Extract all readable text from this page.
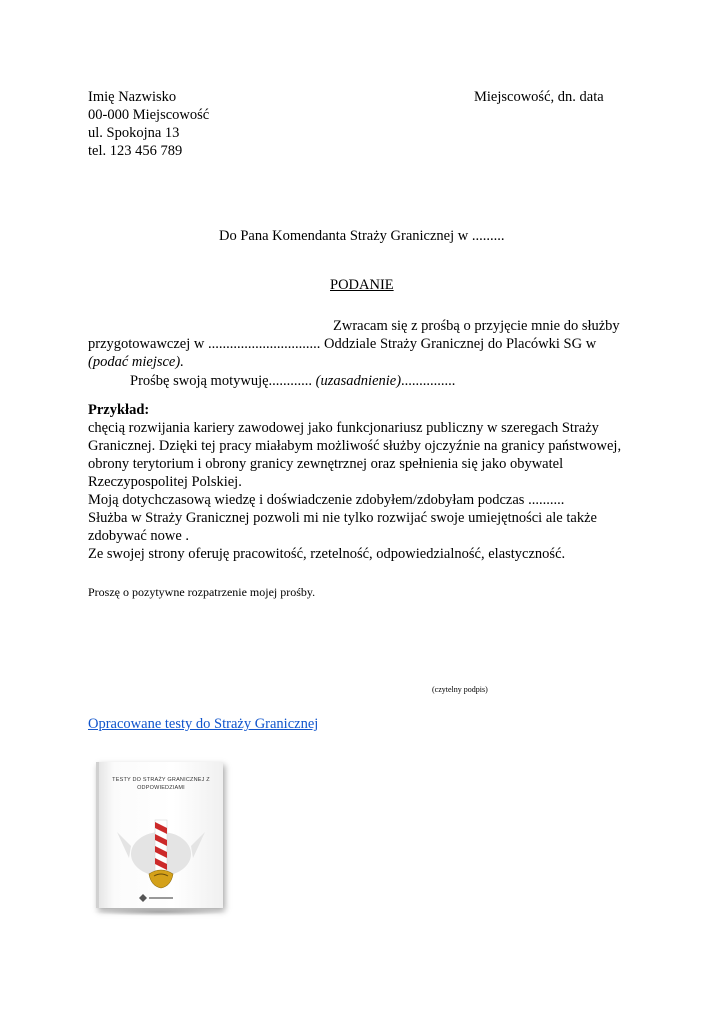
Imię Nazwisko
00-000 Miejscowość
ul. Spokojna 13
tel. 123 456 789
Miejscowość, dn. data
Do Pana Komendanta Straży Granicznej w .........
PODANIE
Zwracam się z prośbą o przyjęcie mnie do służby
przygotowawczej w ............................... Oddziale Straży Granicznej do Placówki SG w
(podać miejsce).
Prośbę swoją motywuję............ (uzasadnienie)...............
Przykład:
chęcią rozwijania kariery zawodowej jako funkcjonariusz publiczny w szeregach Straży
Granicznej. Dzięki tej pracy miałabym możliwość służby ojczyźnie na granicy państwowej,
obrony terytorium i obrony granicy zewnętrznej oraz spełnienia się jako obywatel
Rzeczypospolitej Polskiej.
Moją dotychczasową wiedzę i doświadczenie zdobyłem/zdobyłam podczas ..........
Służba w Straży Granicznej pozwoli mi nie tylko rozwijać swoje umiejętności ale także
zdobywać nowe .
Ze swojej strony oferuję pracowitość, rzetelność, odpowiedzialność, elastyczność.
Proszę o pozytywne rozpatrzenie mojej prośby.
(czytelny podpis)
Opracowane testy do Straży Granicznej
TESTY DO STRAŻY GRANICZNEJ Z ODPOWIEDZIAMI
